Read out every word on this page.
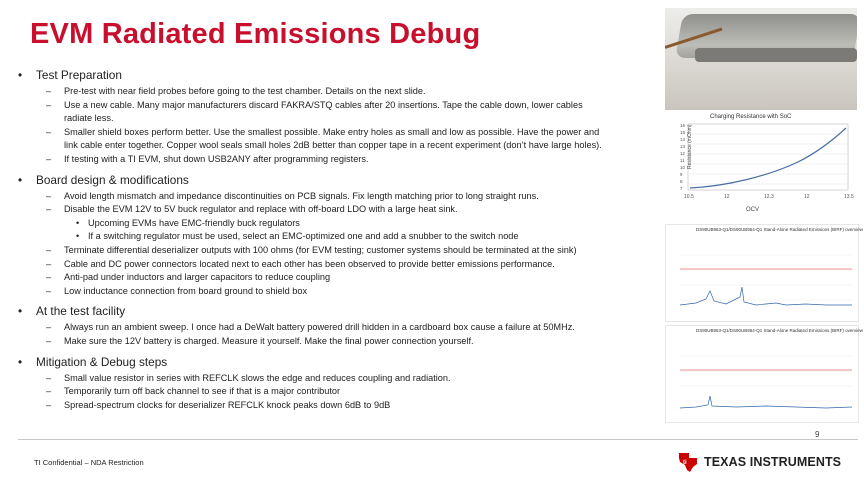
EVM Radiated Emissions Debug
• Test Preparation
– Pre-test with near field probes before going to the test chamber. Details on the next slide.
– Use a new cable. Many major manufacturers discard FAKRA/STQ cables after 20 insertions. Tape the cable down, lower cables
radiate less.
– Smaller shield boxes perform better. Use the smallest possible. Make entry holes as small and low as possible. Have the power and
link cable enter together. Copper wool seals small holes 2dB better than copper tape in a recent experiment (don’t have large holes).
– If testing with a TI EVM, shut down USB2ANY after programming registers.
• Board design & modifications
– Avoid length mismatch and impedance discontinuities on PCB signals. Fix length matching prior to long straight runs.
– Disable the EVM 12V to 5V buck regulator and replace with off-board LDO with a large heat sink.
• Upcoming EVMs have EMC-friendly buck regulators
• If a switching regulator must be used, select an EMC-optimized one and add a snubber to the switch node
– Terminate differential deserializer outputs with 100 ohms (for EVM testing; customer systems should be terminated at the sink)
– Cable and DC power connectors located next to each other has been observed to provide better emissions performance.
– Anti-pad under inductors and larger capacitors to reduce coupling
– Low inductance connection from board ground to shield box
• At the test facility
– Always run an ambient sweep. I once had a DeWalt battery powered drill hidden in a cardboard box cause a failure at 50MHz.
– Make sure the 12V battery is charged. Measure it yourself. Make the final power connection yourself.
• Mitigation & Debug steps
– Small value resistor in series with REFCLK slows the edge and reduces coupling and radiation.
– Temporarily turn off back channel to see if that is a major contributor
– Spread-spectrum clocks for deserializer REFCLK knock peaks down 6dB to 9dB
Charging Resistance with SoC
Resistance (mOhm)
OCV
16
15
14
13
12
11
10
9
8
7
10.5	12	12.3	12	13.5
DS90UB953-Q1/DS90UB954-Q1 Stand-Alone Radiated Emissions (BIRF) overview
DS90UB953-Q1/DS90UB954-Q1 Stand-Alone Radiated Emissions (BIRF) overview
9
TI Confidential – NDA Restriction	ti TEXAS INSTRUMENTS
